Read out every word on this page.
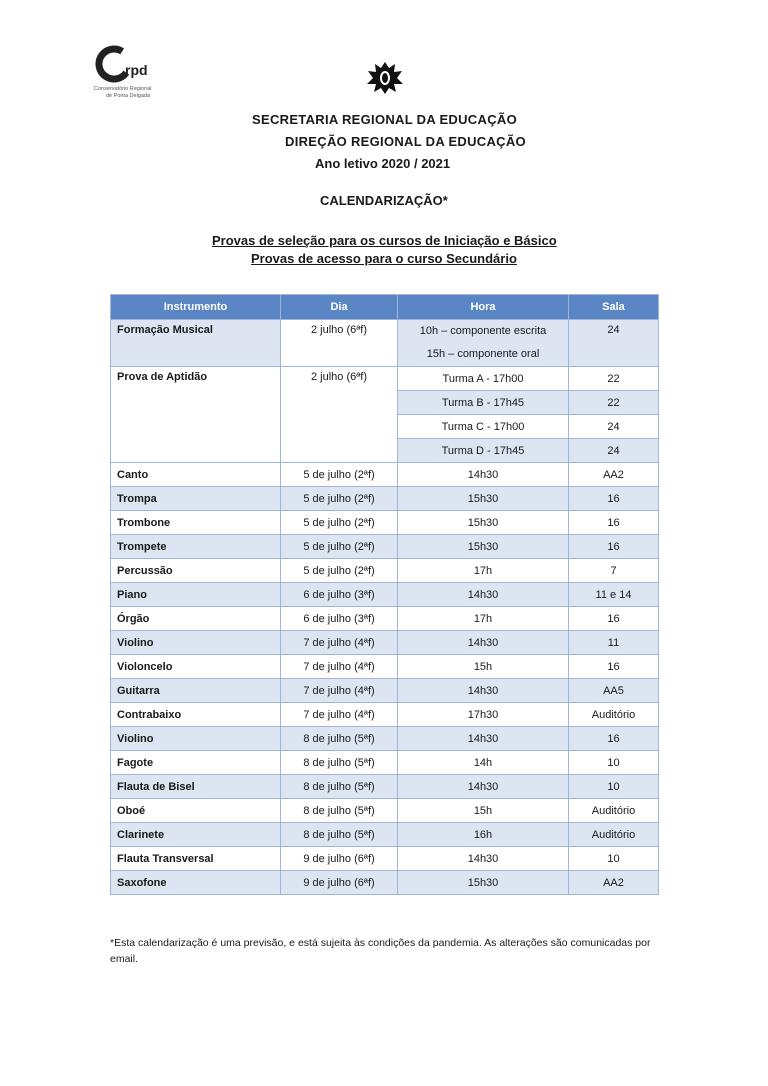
rpd
Conservatório Regional
de Ponta Delgada
SECRETARIA REGIONAL DA EDUCAÇÃO
DIREÇÃO REGIONAL DA EDUCAÇÃO
Ano letivo 2020 / 2021
CALENDARIZAÇÃO*
Provas de seleção para os cursos de Iniciação e Básico
Provas de acesso para o curso Secundário
Instrumento	Dia	Hora	Sala
Formação Musical	2 julho (6ªf)	10h – componente escrita
15h – componente oral	24
Prova de Aptidão	2 julho (6ªf)	Turma A - 17h00	22
		Turma B - 17h45	22
		Turma C - 17h00	24
		Turma D - 17h45	24
Canto	5 de julho (2ªf)	14h30	AA2
Trompa	5 de julho (2ªf)	15h30	16
Trombone	5 de julho (2ªf)	15h30	16
Trompete	5 de julho (2ªf)	15h30	16
Percussão	5 de julho (2ªf)	17h	7
Piano	6 de julho (3ªf)	14h30	11 e 14
Órgão	6 de julho (3ªf)	17h	16
Violino	7 de julho (4ªf)	14h30	11
Violoncelo	7 de julho (4ªf)	15h	16
Guitarra	7 de julho (4ªf)	14h30	AA5
Contrabaixo	7 de julho (4ªf)	17h30	Auditório
Violino	8 de julho (5ªf)	14h30	16
Fagote	8 de julho (5ªf)	14h	10
Flauta de Bisel	8 de julho (5ªf)	14h30	10
Oboé	8 de julho (5ªf)	15h	Auditório
Clarinete	8 de julho (5ªf)	16h	Auditório
Flauta Transversal	9 de julho (6ªf)	14h30	10
Saxofone	9 de julho (6ªf)	15h30	AA2
*Esta calendarização é uma previsão, e está sujeita às condições da pandemia. As alterações são comunicadas por email.
